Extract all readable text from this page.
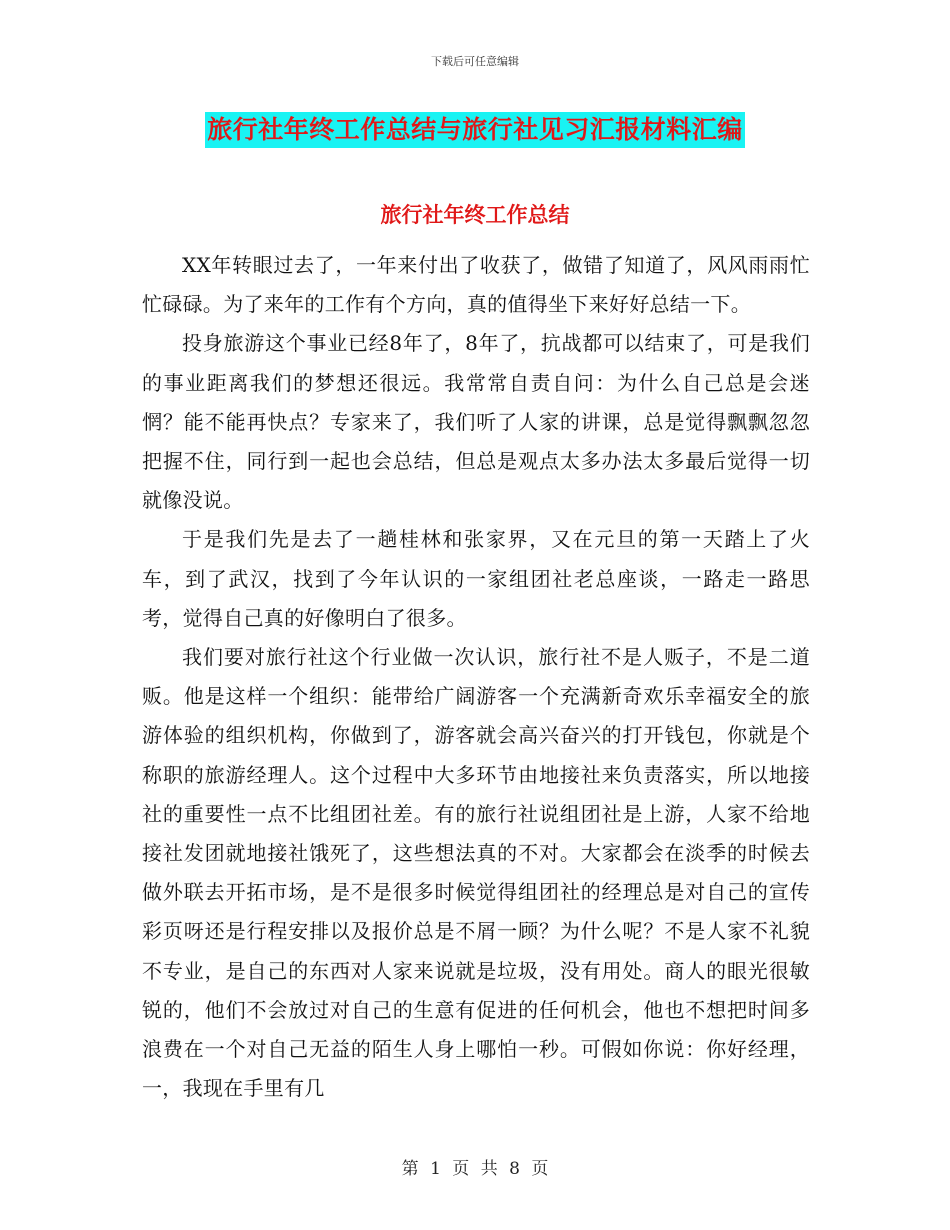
下载后可任意编辑
旅行社年终工作总结与旅行社见习汇报材料汇编
旅行社年终工作总结

XX年转眼过去了，一年来付出了收获了，做错了知道了，风风雨雨忙忙碌碌。为了来年的工作有个方向，真的值得坐下来好好总结一下。

投身旅游这个事业已经8年了，8年了，抗战都可以结束了，可是我们的事业距离我们的梦想还很远。我常常自责自问：为什么自己总是会迷惘？能不能再快点？专家来了，我们听了人家的讲课，总是觉得飘飘忽忽把握不住，同行到一起也会总结，但总是观点太多办法太多最后觉得一切就像没说。

于是我们先是去了一趟桂林和张家界，又在元旦的第一天踏上了火车，到了武汉，找到了今年认识的一家组团社老总座谈，一路走一路思考，觉得自己真的好像明白了很多。

我们要对旅行社这个行业做一次认识，旅行社不是人贩子，不是二道贩。他是这样一个组织：能带给广阔游客一个充满新奇欢乐幸福安全的旅游体验的组织机构，你做到了，游客就会高兴奋兴的打开钱包，你就是个称职的旅游经理人。这个过程中大多环节由地接社来负责落实，所以地接社的重要性一点不比组团社差。有的旅行社说组团社是上游，人家不给地接社发团就地接社饿死了，这些想法真的不对。大家都会在淡季的时候去做外联去开拓市场，是不是很多时候觉得组团社的经理总是对自己的宣传彩页呀还是行程安排以及报价总是不屑一顾？为什么呢？不是人家不礼貌不专业，是自己的东西对人家来说就是垃圾，没有用处。商人的眼光很敏锐的，他们不会放过对自己的生意有促进的任何机会，他也不想把时间多浪费在一个对自己无益的陌生人身上哪怕一秒。可假如你说：你好经理，一，我现在手里有几

第 1 页 共 8 页
